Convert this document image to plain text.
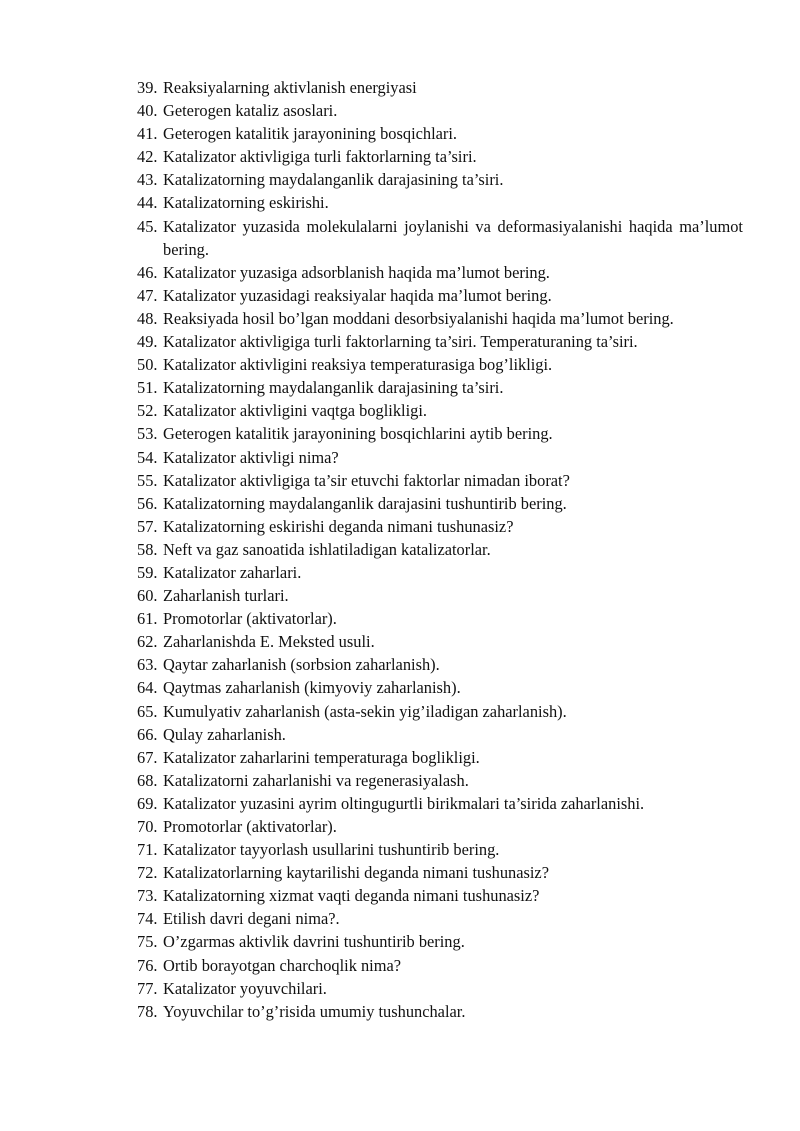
39. Reaksiyalarning aktivlanish energiyasi
40. Geterogen kataliz asoslari.
41. Geterogen katalitik jarayonining bosqichlari.
42. Katalizator aktivligiga turli faktorlarning ta’siri.
43. Katalizatorning maydalanganlik darajasining ta’siri.
44. Katalizatorning eskirishi.
45. Katalizator yuzasida molekulalarni joylanishi va deformasiyalanishi haqida ma’lumot bering.
46. Katalizator yuzasiga adsorblanish haqida ma’lumot bering.
47. Katalizator yuzasidagi reaksiyalar haqida ma’lumot bering.
48. Reaksiyada hosil bo’lgan moddani desorbsiyalanishi haqida ma’lumot bering.
49. Katalizator aktivligiga turli faktorlarning ta’siri. Temperaturaning ta’siri.
50. Katalizator aktivligini reaksiya temperaturasiga bog’likligi.
51. Katalizatorning maydalanganlik darajasining ta’siri.
52. Katalizator aktivligini vaqtga boglikligi.
53. Geterogen katalitik jarayonining bosqichlarini aytib bering.
54. Katalizator aktivligi nima?
55. Katalizator aktivligiga ta’sir etuvchi faktorlar nimadan iborat?
56. Katalizatorning maydalanganlik darajasini tushuntirib bering.
57. Katalizatorning eskirishi deganda nimani tushunasiz?
58. Neft va gaz sanoatida ishlatiladigan katalizatorlar.
59. Katalizator zaharlari.
60. Zaharlanish turlari.
61. Promotorlar (aktivatorlar).
62. Zaharlanishda E. Meksted usuli.
63. Qaytar zaharlanish (sorbsion zaharlanish).
64. Qaytmas zaharlanish (kimyoviy zaharlanish).
65. Kumulyativ zaharlanish (asta-sekin yig’iladigan zaharlanish).
66. Qulay zaharlanish.
67. Katalizator zaharlarini temperaturaga boglikligi.
68. Katalizatorni zaharlanishi va regenerasiyalash.
69. Katalizator yuzasini ayrim oltingugurtli birikmalari ta’sirida zaharlanishi.
70. Promotorlar (aktivatorlar).
71. Katalizator tayyorlash usullarini tushuntirib bering.
72. Katalizatorlarning kaytarilishi deganda nimani tushunasiz?
73. Katalizatorning xizmat vaqti deganda nimani tushunasiz?
74. Etilish davri degani nima?.
75. O’zgarmas aktivlik davrini tushuntirib bering.
76. Ortib borayotgan charchoqlik nima?
77. Katalizator yoyuvchilari.
78. Yoyuvchilar to’g’risida umumiy tushunchalar.
